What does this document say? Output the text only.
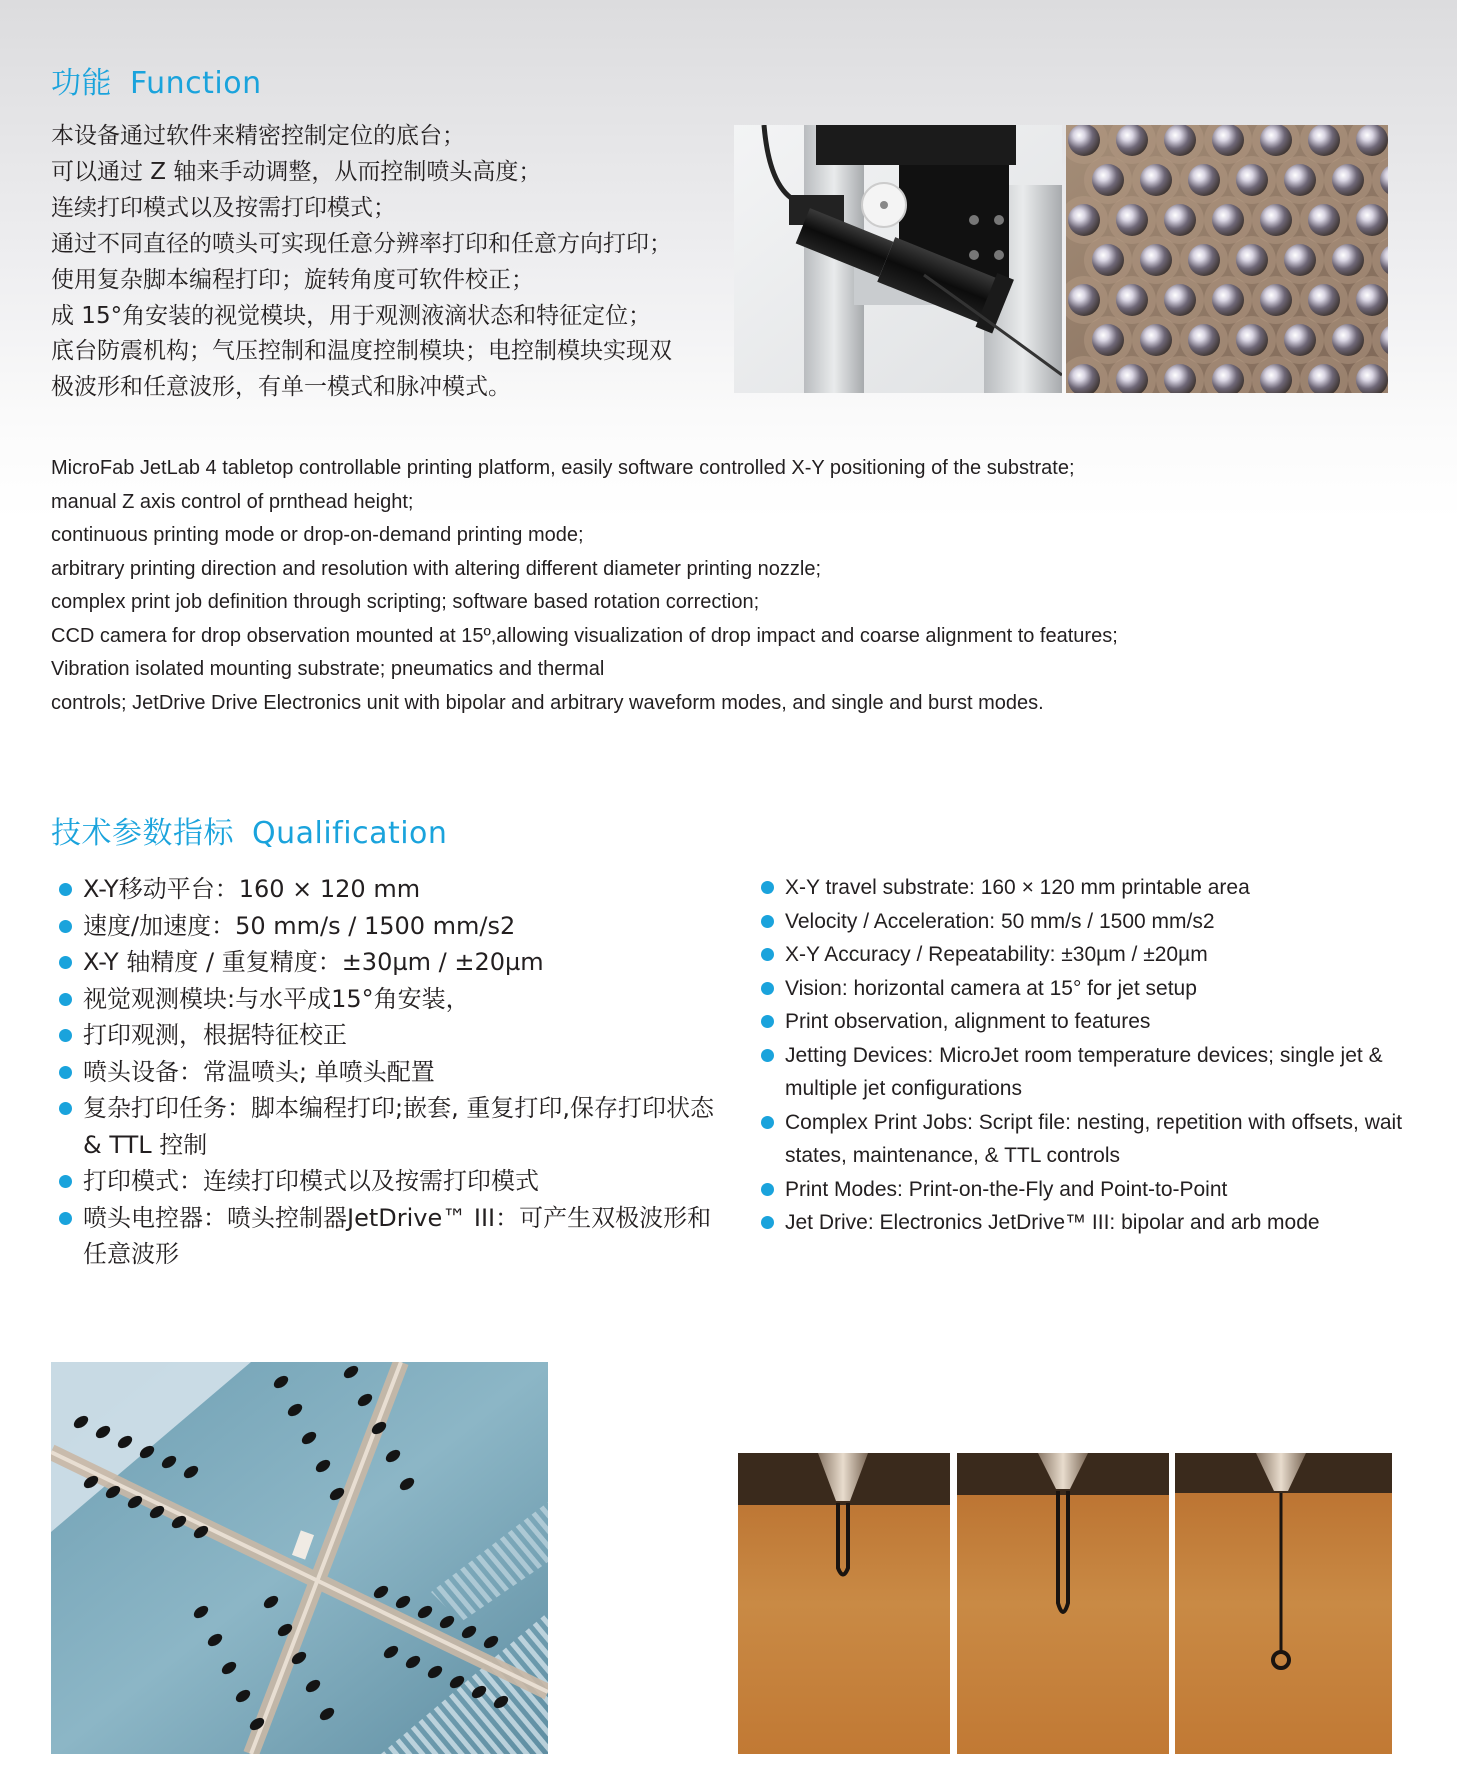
功能 Function
本设备通过软件来精密控制定位的底台；
可以通过 Z 轴来手动调整，从而控制喷头高度；
连续打印模式以及按需打印模式；
通过不同直径的喷头可实现任意分辨率打印和任意方向打印；
使用复杂脚本编程打印；旋转角度可软件校正；
成 15°角安装的视觉模块，用于观测液滴状态和特征定位；
底台防震机构；气压控制和温度控制模块；电控制模块实现双
极波形和任意波形，有单一模式和脉冲模式。
MicroFab JetLab 4 tabletop controllable printing platform, easily software controlled X-Y positioning of the substrate;
manual Z axis control of prnthead height;
continuous printing mode or drop-on-demand printing mode;
arbitrary printing direction and resolution with altering different diameter printing nozzle;
complex print job definition through scripting; software based rotation correction;
CCD camera for drop observation mounted at 15º,allowing visualization of drop impact and coarse alignment to features;
Vibration isolated mounting substrate; pneumatics and thermal
controls; JetDrive Drive Electronics unit with bipolar and arbitrary waveform modes, and single and burst modes.
技术参数指标 Qualification
X-Y移动平台：160 × 120 mm
速度/加速度：50 mm/s / 1500 mm/s2
X-Y 轴精度 / 重复精度：±30µm / ±20µm
视觉观测模块:与水平成15°角安装，
打印观测，根据特征校正
喷头设备：常温喷头; 单喷头配置
复杂打印任务：脚本编程打印;嵌套, 重复打印,保存打印状态 & TTL 控制
打印模式：连续打印模式以及按需打印模式
喷头电控器：喷头控制器JetDrive™ III：可产生双极波形和任意波形
X-Y travel substrate: 160 × 120 mm printable area
Velocity / Acceleration: 50 mm/s / 1500 mm/s2
X-Y Accuracy / Repeatability: ±30µm / ±20µm
Vision: horizontal camera at 15° for jet setup
Print observation, alignment to features
Jetting Devices: MicroJet room temperature devices; single jet & multiple jet configurations
Complex Print Jobs: Script file: nesting, repetition with offsets, wait states, maintenance, & TTL controls
Print Modes: Print-on-the-Fly and Point-to-Point
Jet Drive: Electronics JetDrive™ III: bipolar and arb mode
